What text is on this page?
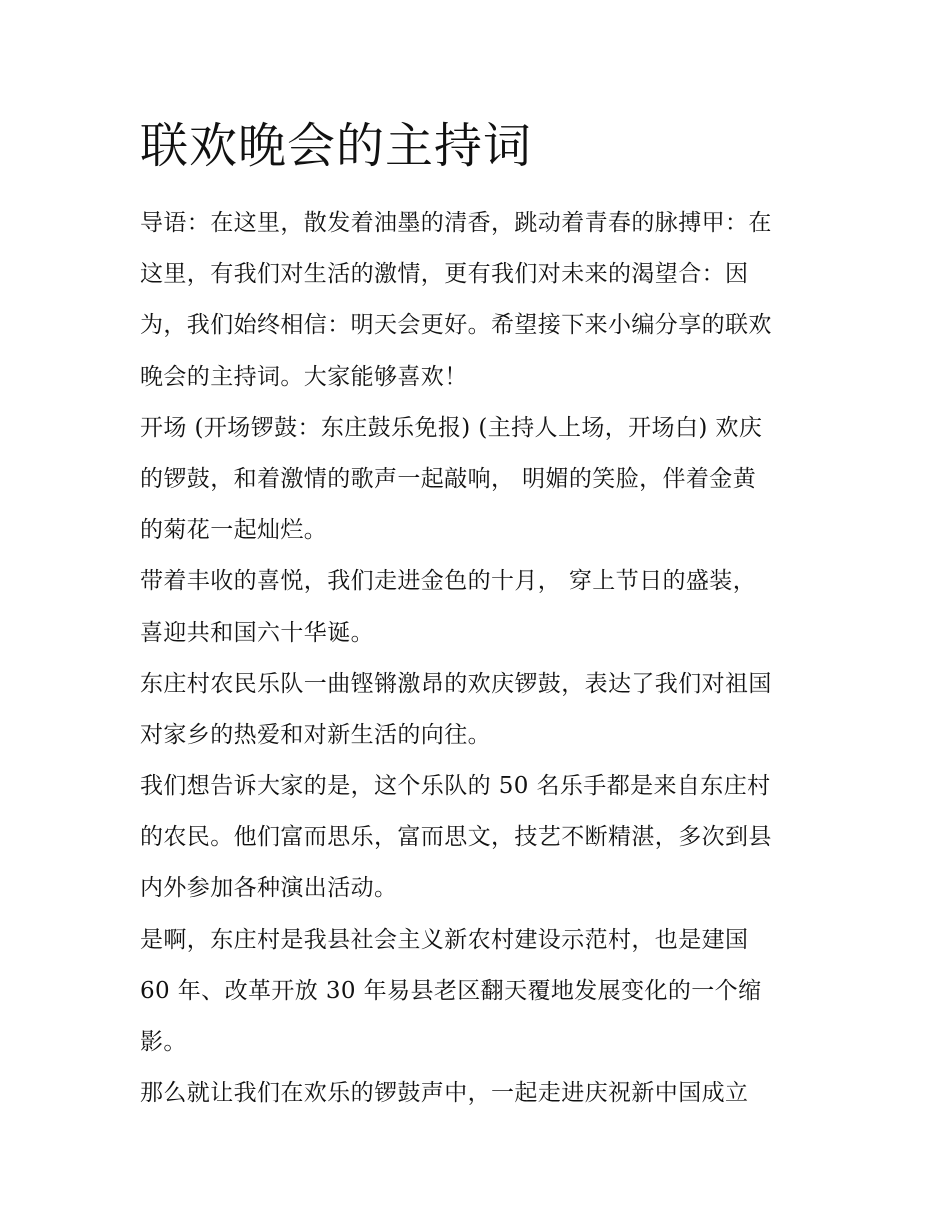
联欢晚会的主持词
导语：在这里，散发着油墨的清香，跳动着青春的脉搏甲：在
这里，有我们对生活的激情，更有我们对未来的渴望合：因
为，我们始终相信：明天会更好。希望接下来小编分享的联欢
晚会的主持词。大家能够喜欢！
开场 (开场锣鼓：东庄鼓乐免报) (主持人上场，开场白) 欢庆
的锣鼓，和着激情的歌声一起敲响， 明媚的笑脸，伴着金黄
的菊花一起灿烂。
带着丰收的喜悦，我们走进金色的十月， 穿上节日的盛装，
喜迎共和国六十华诞。
东庄村农民乐队一曲铿锵激昂的欢庆锣鼓，表达了我们对祖国
对家乡的热爱和对新生活的向往。
我们想告诉大家的是，这个乐队的 50 名乐手都是来自东庄村
的农民。他们富而思乐，富而思文，技艺不断精湛，多次到县
内外参加各种演出活动。
是啊，东庄村是我县社会主义新农村建设示范村，也是建国
60 年、改革开放 30 年易县老区翻天覆地发展变化的一个缩
影。
那么就让我们在欢乐的锣鼓声中，一起走进庆祝新中国成立
